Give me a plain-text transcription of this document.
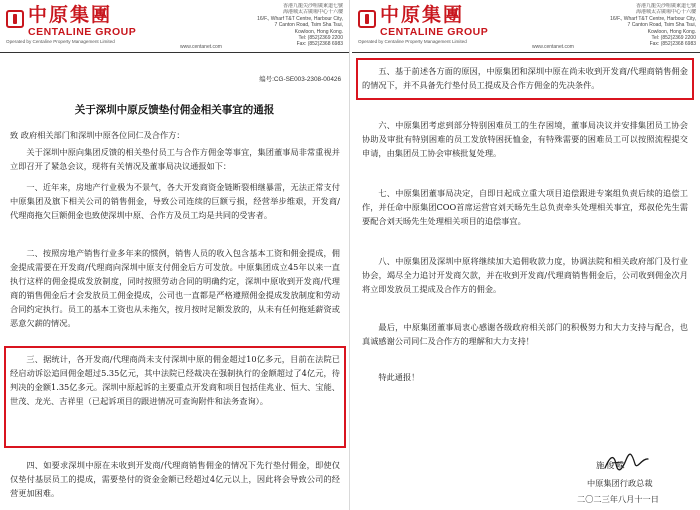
中原集團
CENTALINE GROUP
Operated by Centaline Property Management Limited
www.centanet.com
香港九龍尖沙咀廣東道七號
海港城太古廣場中心十六樓
16/F., Wharf T&T Centre, Harbour City,
7 Canton Road, Tsim Sha Tsui,
Kowloon, Hong Kong.
Tel: (852)2369 2200
Fax: (852)2368 6983
编号:CG-SE003-2308-00426
关于深圳中原反馈垫付佣金相关事宜的通报
致 政府相关部门和深圳中原各位同仁及合作方：
关于深圳中原向集团反馈的相关垫付员工与合作方佣金等事宜，集团董事局非常重视并立即召开了紧急会议，现将有关情况及董事局决议通报如下：
一、近年来，房地产行业极为不景气，各大开发商资金链断裂相继暴雷，无法正常支付中原集团及旗下相关公司的销售佣金，导致公司连续的巨额亏损，经营举步维艰，开发商/代理商拖欠巨额佣金也致使深圳中原、合作方及员工均是共同的受害者。
二、按照房地产销售行业多年来的惯例，销售人员的收入包含基本工资和佣金提成，佣金提成需要在开发商/代理商向深圳中原支付佣金后方可发放。中原集团成立45年以来一直执行这样的佣金提成发放制度，同时按照劳动合同的明确约定，深圳中原收到开发商/代理商的销售佣金后才会发放员工佣金提成，公司也一直都是严格遵照佣金提成发放制度和劳动合同约定执行。员工的基本工资也从未拖欠，按月按时足额发放的，从未有任何拖延薪资或恶意欠薪的情况。
三、据统计，各开发商/代理商尚未支付深圳中原的佣金超过10亿多元，目前在法院已经启动诉讼追回佣金超过5.35亿元，其中法院已经裁决在强制执行的金额超过了4亿元，待判决的金额1.35亿多元。深圳中原起诉的主要重点开发商和项目包括佳兆业、恒大、宝能、世茂、龙光、吉祥里（已起诉项目的跟进情况可查询附件和法务查询）。
四、如要求深圳中原在未收到开发商/代理商销售佣金的情况下先行垫付佣金，即使仅仅垫付基层员工的提成，需要垫付的资金金额已经超过4亿元以上，因此将会导致公司的经营更加困难。
中原集團
CENTALINE GROUP
Operated by Centaline Property Management Limited
www.centanet.com
香港九龍尖沙咀廣東道七號
海港城太古廣場中心十六樓
16/F., Wharf T&T Centre, Harbour City,
7 Canton Road, Tsim Sha Tsui,
Kowloon, Hong Kong.
Tel: (852)2369 2200
Fax: (852)2368 6983
五、基于前述各方面的原因，中原集团和深圳中原在尚未收到开发商/代理商销售佣金的情况下，并不具备先行垫付员工提成及合作方佣金的先决条件。
六、中原集团考虑到部分特别困难员工的生存困境，董事局决议并安排集团员工协会协助及审批有特别困难的员工发放特困抚恤金，有特殊需要的困难员工可以按照流程提交申请，由集团员工协会审核批复处理。
七、中原集团董事局决定，自即日起成立重大项目追偿跟进专案组负责后续的追偿工作，并任命中原集团COO首席运营官刘天旸先生总负责牵头处理相关事宜，郑叔伦先生需要配合刘天旸先生处理相关项目的追偿事宜。
八、中原集团及深圳中原将继续加大追佣收款力度，协调法院和相关政府部门及行业协会，竭尽全力追讨开发商欠款，并在收到开发商/代理商销售佣金后，公司收到佣金次月将立即发放员工提成及合作方的佣金。
最后，中原集团董事局衷心感谢各级政府相关部门的积极努力和大力支持与配合，也真诚感谢公司同仁及合作方的理解和大力支持！
特此通报！
施俊嵘
中原集团行政总裁
二〇二三年八月十一日
